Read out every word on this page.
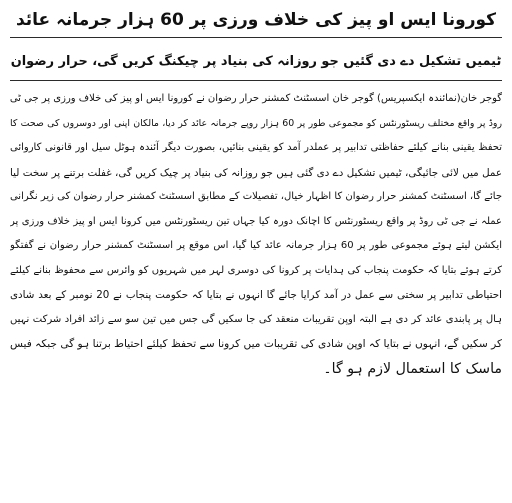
کورونا ایس او پیز کی خلاف ورزی پر 60 ہزار جرمانہ عائد
ٹیمیں تشکیل دے دی گئیں جو روزانہ کی بنیاد پر چیکنگ کریں گی، حرار رضوان
گوجر خان(نمائندہ ایکسپریس) گوجر خان اسسٹنٹ کمشنر حرار رضوان نے کورونا ایس او پیز کی خلاف ورزی پر جی ٹی
روڈ پر واقع مختلف ریسٹورنٹس کو مجموعی طور پر 60 ہزار روپے جرمانہ عائد کر دیا، مالکان اپنی اور دوسروں کی صحت کا
تحفظ یقینی بنانے کیلئے حفاظتی تدابیر پر عملدر آمد کو یقینی بنائیں، بصورت دیگر آئندہ ہوٹل سیل اور قانونی کاروائی
عمل میں لائی جائیگی، ٹیمیں تشکیل دے دی گئی ہیں جو روزانہ کی بنیاد پر چیک کریں گی، غفلت برتنے پر سخت لیا
جائے گا، اسسٹنٹ کمشنر حرار رضوان کا اظہار خیال، تفصیلات کے مطابق اسسٹنٹ کمشنر حرار رضوان کی زیر نگرانی
عملہ نے جی ٹی روڈ پر واقع ریسٹورنٹس کا اچانک دورہ کیا جہاں تین ریسٹورنٹس میں کرونا ایس او پیز خلاف ورزی پر
ایکشن لیتے ہوئے مجموعی طور پر 60 ہزار جرمانہ عائد کیا گیا، اس موقع پر اسسٹنٹ کمشنر حرار رضوان نے گفتگو
کرتے ہوئے بتایا کہ حکومت پنجاب کی ہدایات پر کرونا کی دوسری لہر میں شہریوں کو وائرس سے محفوظ بنانے کیلئے
احتیاطی تدابیر پر سختی سے عمل در آمد کرایا جائے گا انہوں نے بتایا کہ حکومت پنجاب نے 20 نومبر کے بعد شادی
ہال پر پابندی عائد کر دی ہے البتہ اوپن تقریبات منعقد کی جا سکیں گی جس میں تین سو سے زائد افراد شرکت نہیں
کر سکیں گے، انہوں نے بتایا کہ اوپن شادی کی تقریبات میں کرونا سے تحفظ کیلئے احتیاط برتنا ہو گی جبکہ فیس
ماسک کا استعمال لازم ہو گا۔
